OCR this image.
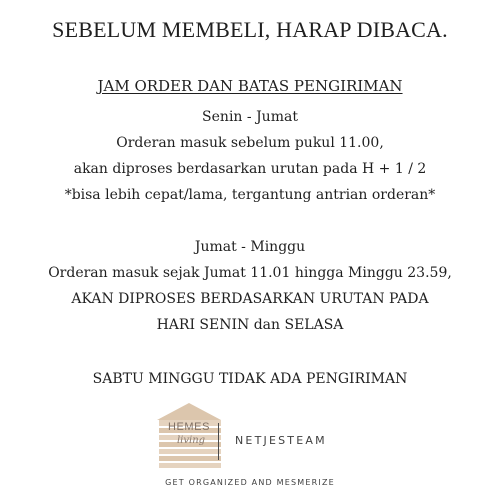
SEBELUM MEMBELI, HARAP DIBACA.
JAM ORDER DAN BATAS PENGIRIMAN
Senin - Jumat
Orderan masuk sebelum pukul 11.00,
akan diproses berdasarkan urutan pada H + 1 / 2
*bisa lebih cepat/lama, tergantung antrian orderan*
Jumat - Minggu
Orderan masuk sejak Jumat 11.01 hingga Minggu 23.59,
AKAN DIPROSES BERDASARKAN URUTAN PADA
HARI SENIN dan SELASA
SABTU MINGGU TIDAK ADA PENGIRIMAN
HEMES
living	NETJESTEAM
GET ORGANIZED AND MESMERIZE
